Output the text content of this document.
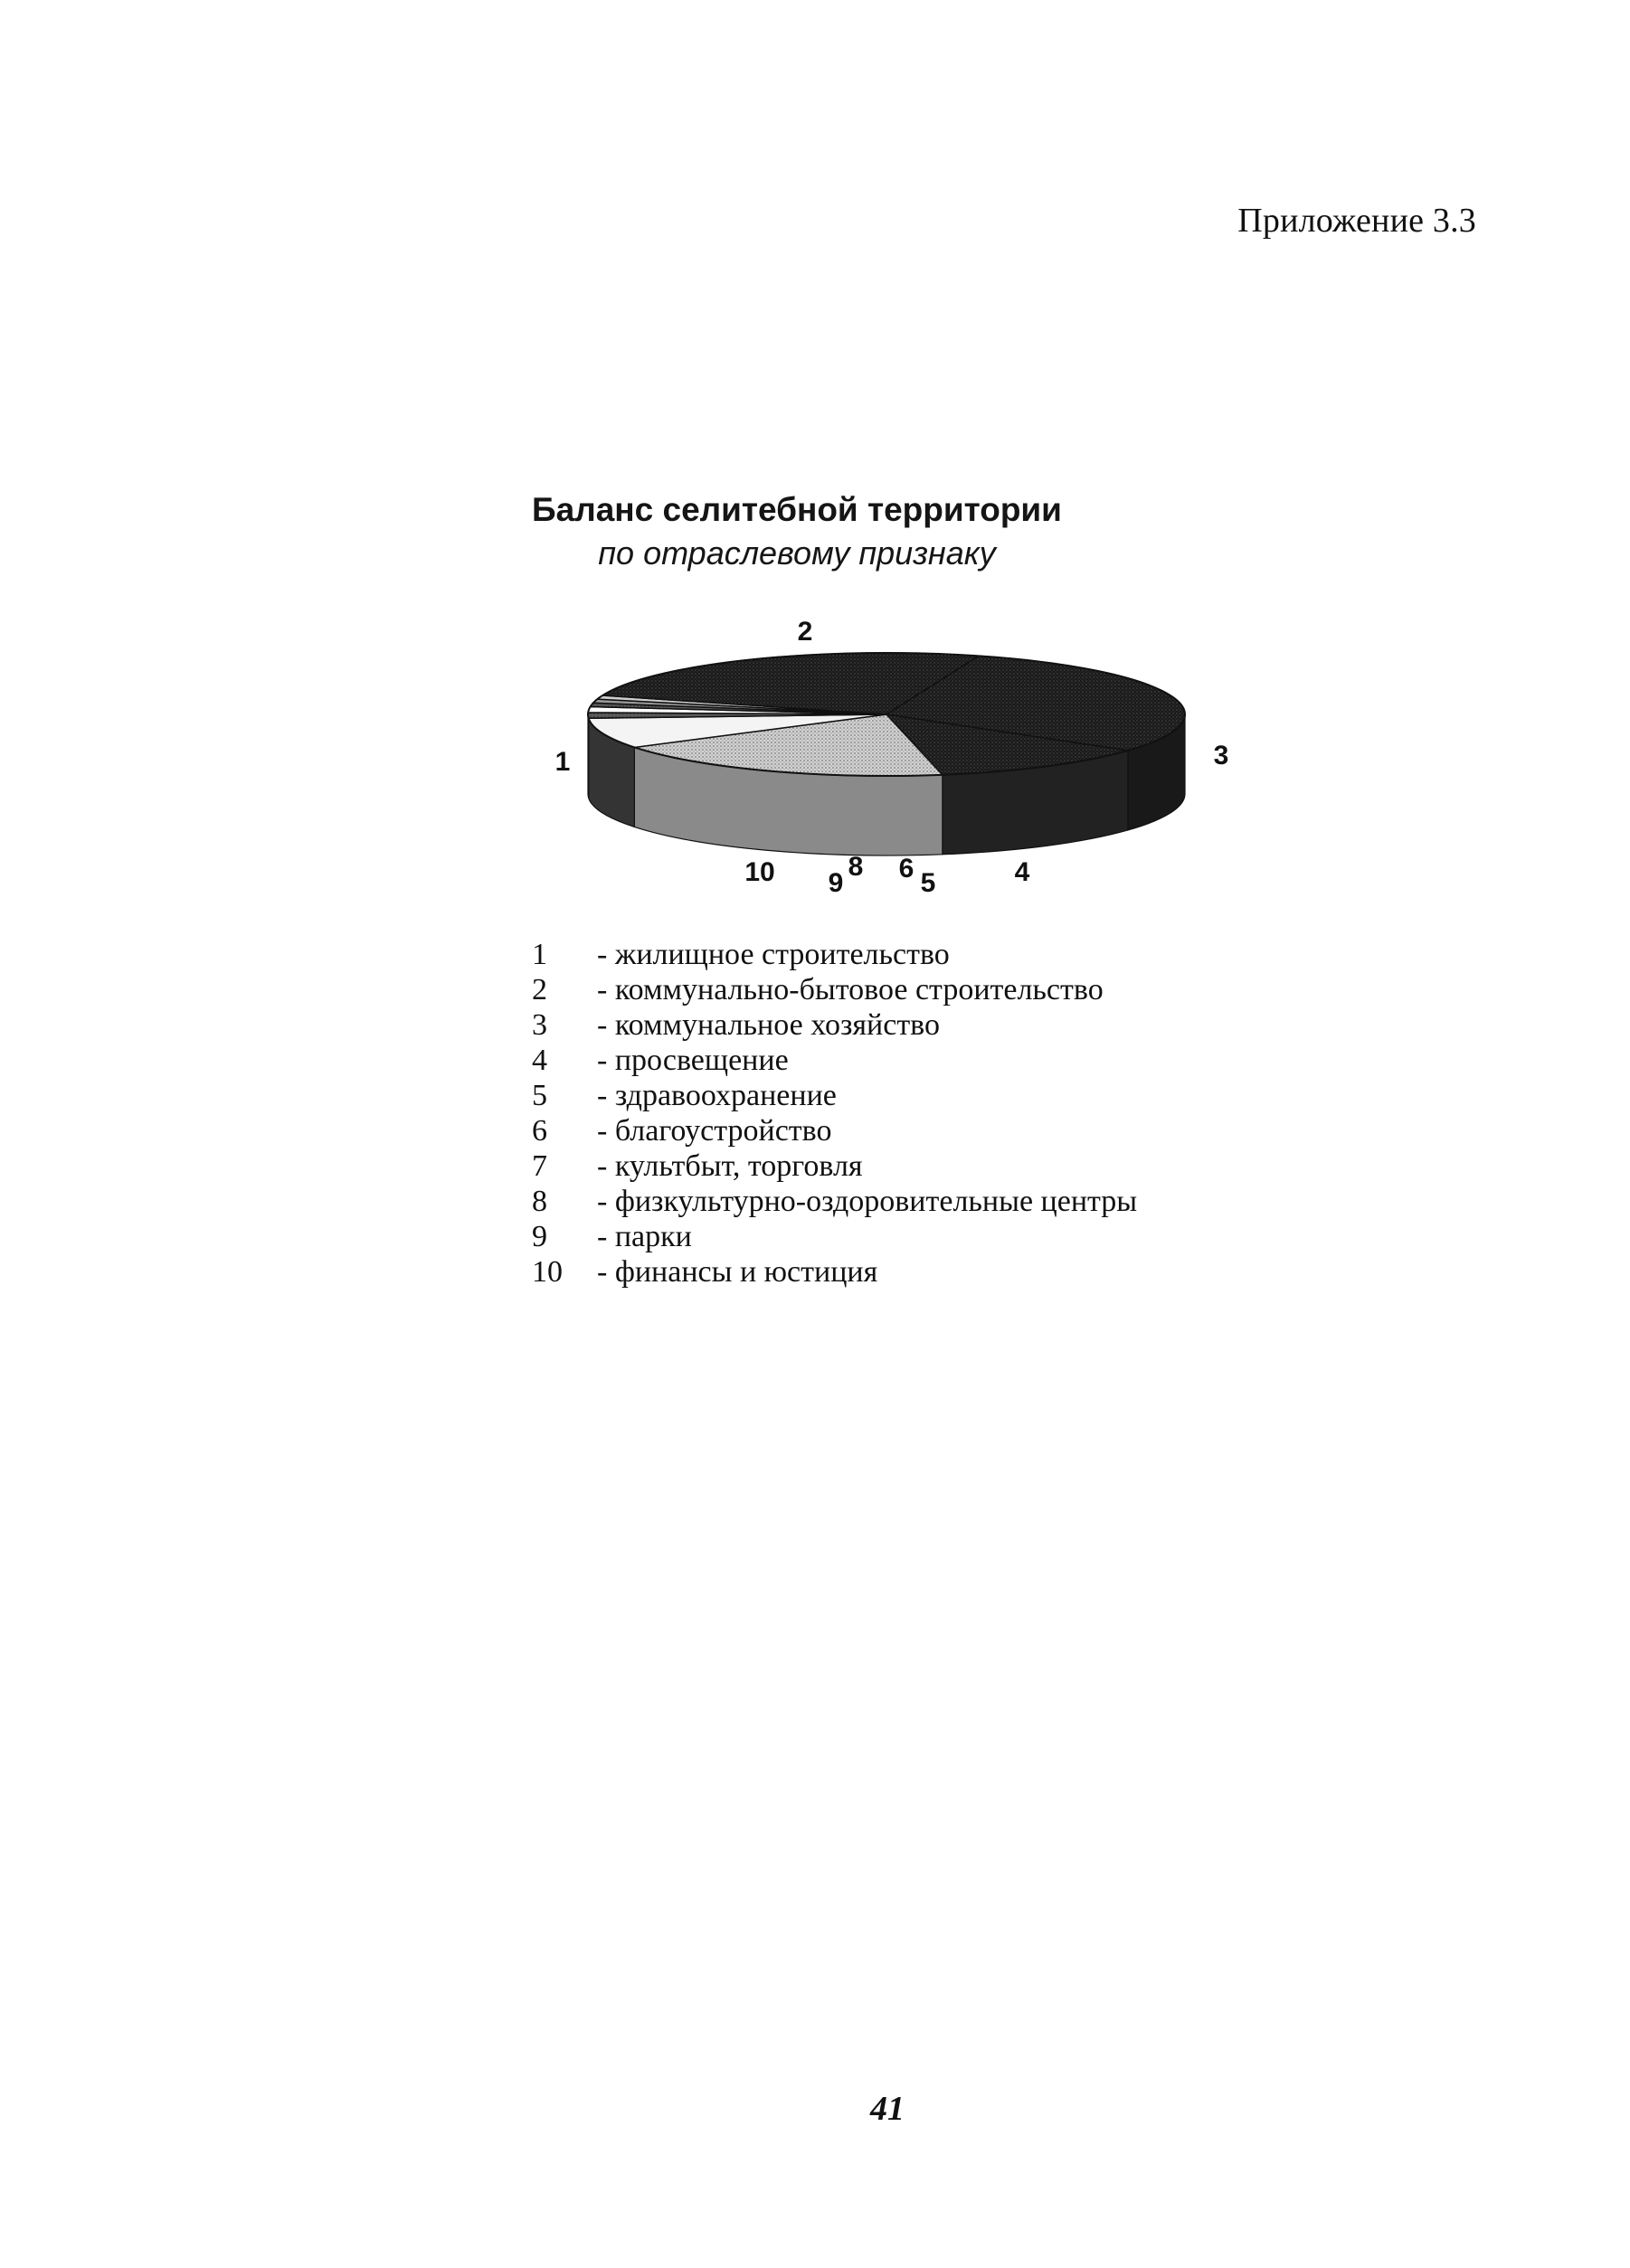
Приложение 3.3
Баланс селитебной территории
по отраслевому признаку
1
2
3
4
5
6
8
9
10
1	- жилищное строительство
2	- коммунально-бытовое строительство
3	- коммунальное хозяйство
4	- просвещение
5	- здравоохранение
6	- благоустройство
7	- культбыт, торговля
8	- физкультурно-оздоровительные центры
9	- парки
10	- финансы и юстиция
41
